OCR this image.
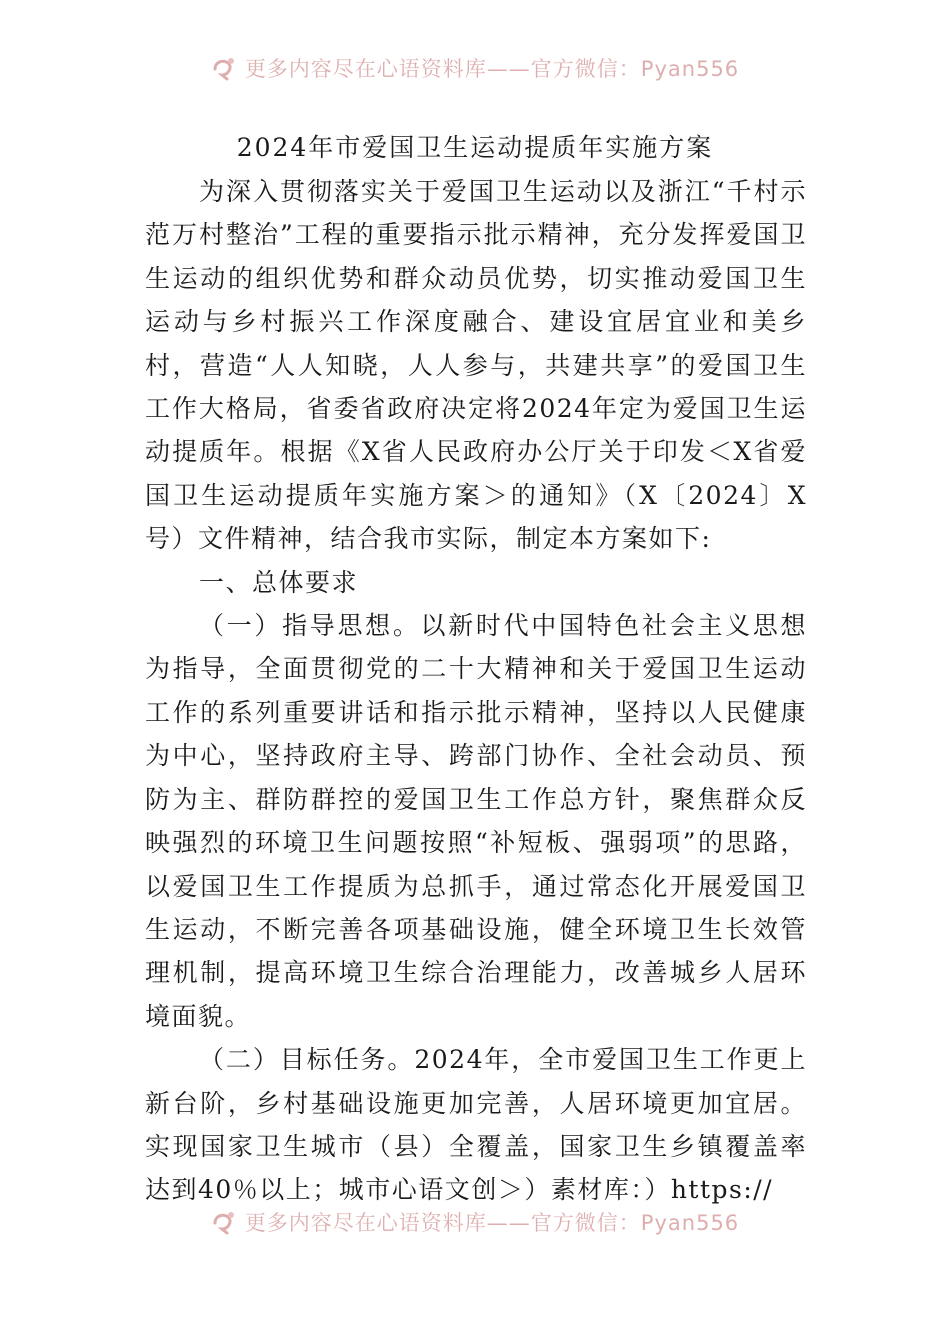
更多内容尽在心语资料库——官方微信：Pyan556
2024年市爱国卫生运动提质年实施方案

为深入贯彻落实关于爱国卫生运动以及浙江“千村示范万村整治”工程的重要指示批示精神，充分发挥爱国卫生运动的组织优势和群众动员优势，切实推动爱国卫生运动与乡村振兴工作深度融合、建设宜居宜业和美乡村，营造“人人知晓，人人参与，共建共享”的爱国卫生工作大格局，省委省政府决定将2024年定为爱国卫生运动提质年。根据《X省人民政府办公厅关于印发＜X省爱国卫生运动提质年实施方案＞的通知》（X〔2024〕X号）文件精神，结合我市实际，制定本方案如下:

一、总体要求

（一）指导思想。以新时代中国特色社会主义思想为指导，全面贯彻党的二十大精神和关于爱国卫生运动工作的系列重要讲话和指示批示精神，坚持以人民健康为中心，坚持政府主导、跨部门协作、全社会动员、预防为主、群防群控的爱国卫生工作总方针，聚焦群众反映强烈的环境卫生问题按照“补短板、强弱项”的思路，以爱国卫生工作提质为总抓手，通过常态化开展爱国卫生运动，不断完善各项基础设施，健全环境卫生长效管理机制，提高环境卫生综合治理能力，改善城乡人居环境面貌。

（二）目标任务。2024年，全市爱国卫生工作更上新台阶，乡村基础设施更加完善，人居环境更加宜居。实现国家卫生城市（县）全覆盖，国家卫生乡镇覆盖率达到40％以上；城市心语文创＞）素材库：）https://

更多内容尽在心语资料库——官方微信：Pyan556
